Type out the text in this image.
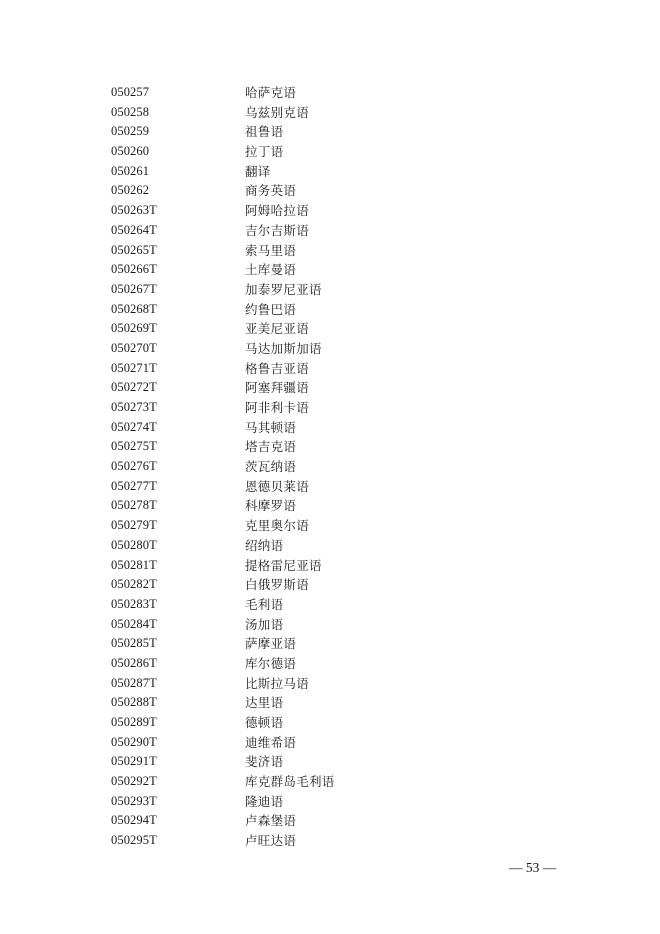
050257	哈萨克语
050258	乌兹别克语
050259	祖鲁语
050260	拉丁语
050261	翻译
050262	商务英语
050263T	阿姆哈拉语
050264T	吉尔吉斯语
050265T	索马里语
050266T	土库曼语
050267T	加泰罗尼亚语
050268T	约鲁巴语
050269T	亚美尼亚语
050270T	马达加斯加语
050271T	格鲁吉亚语
050272T	阿塞拜疆语
050273T	阿非利卡语
050274T	马其顿语
050275T	塔吉克语
050276T	茨瓦纳语
050277T	恩德贝莱语
050278T	科摩罗语
050279T	克里奥尔语
050280T	绍纳语
050281T	提格雷尼亚语
050282T	白俄罗斯语
050283T	毛利语
050284T	汤加语
050285T	萨摩亚语
050286T	库尔德语
050287T	比斯拉马语
050288T	达里语
050289T	德顿语
050290T	迪维希语
050291T	斐济语
050292T	库克群岛毛利语
050293T	隆迪语
050294T	卢森堡语
050295T	卢旺达语
— 53 —
